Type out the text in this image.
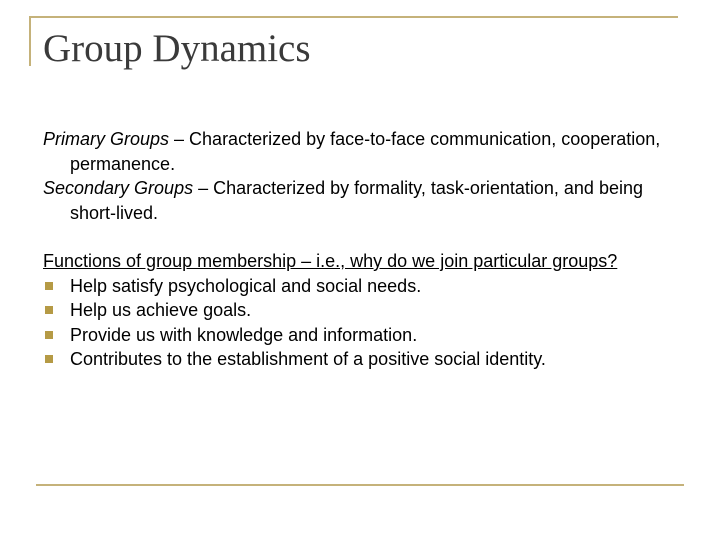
Group Dynamics

Primary Groups – Characterized by face-to-face communication, cooperation, permanence.

Secondary Groups – Characterized by formality, task-orientation, and being short-lived.

Functions of group membership – i.e., why do we join particular groups?

Help satisfy psychological and social needs.
Help us achieve goals.
Provide us with knowledge and information.
Contributes to the establishment of a positive social identity.
